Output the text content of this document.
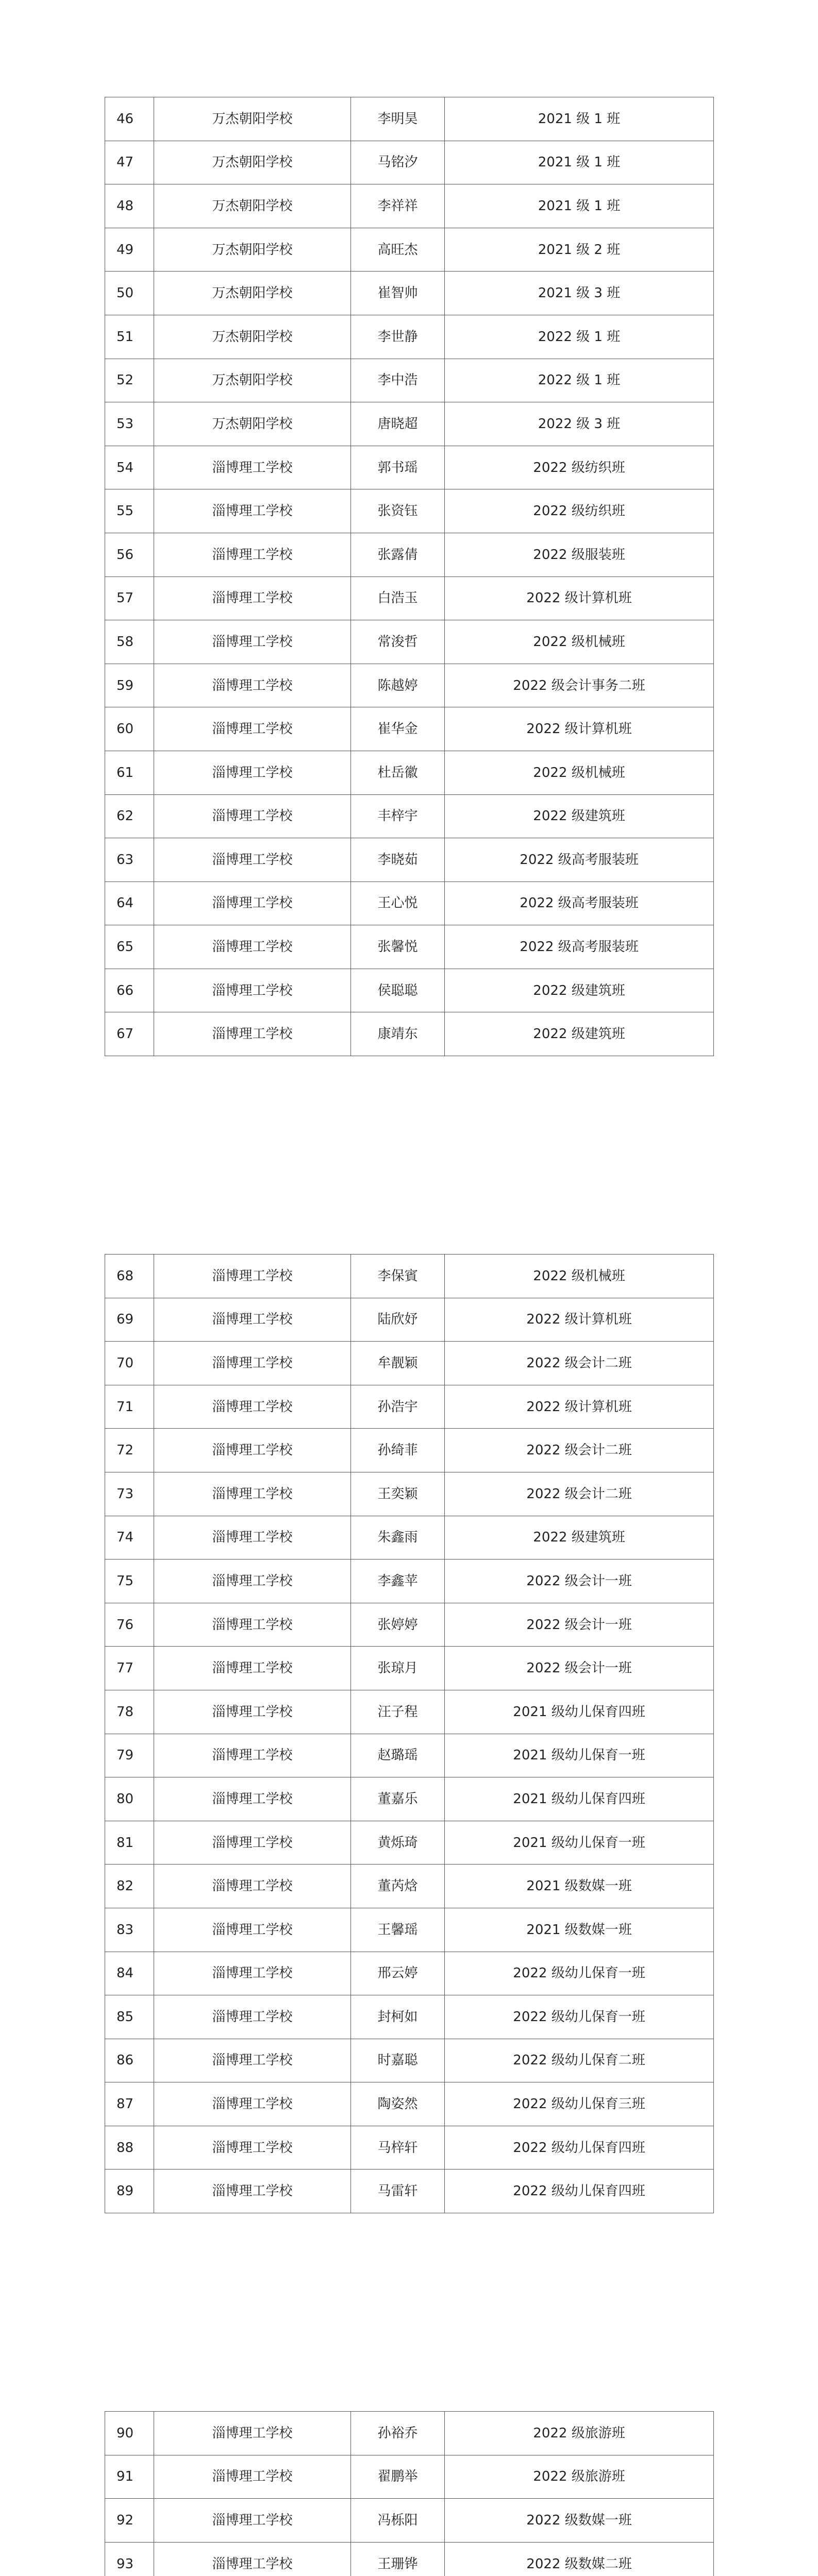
46	万杰朝阳学校	李明昊	2021 级 1 班
47	万杰朝阳学校	马铭汐	2021 级 1 班
48	万杰朝阳学校	李祥祥	2021 级 1 班
49	万杰朝阳学校	高旺杰	2021 级 2 班
50	万杰朝阳学校	崔智帅	2021 级 3 班
51	万杰朝阳学校	李世静	2022 级 1 班
52	万杰朝阳学校	李中浩	2022 级 1 班
53	万杰朝阳学校	唐晓超	2022 级 3 班
54	淄博理工学校	郭书瑶	2022 级纺织班
55	淄博理工学校	张资钰	2022 级纺织班
56	淄博理工学校	张露倩	2022 级服装班
57	淄博理工学校	白浩玉	2022 级计算机班
58	淄博理工学校	常浚哲	2022 级机械班
59	淄博理工学校	陈越婷	2022 级会计事务二班
60	淄博理工学校	崔华金	2022 级计算机班
61	淄博理工学校	杜岳徽	2022 级机械班
62	淄博理工学校	丰梓宇	2022 级建筑班
63	淄博理工学校	李晓茹	2022 级高考服装班
64	淄博理工学校	王心悦	2022 级高考服装班
65	淄博理工学校	张馨悦	2022 级高考服装班
66	淄博理工学校	侯聪聪	2022 级建筑班
67	淄博理工学校	康靖东	2022 级建筑班
68	淄博理工学校	李保賓	2022 级机械班
69	淄博理工学校	陆欣妤	2022 级计算机班
70	淄博理工学校	牟靓颖	2022 级会计二班
71	淄博理工学校	孙浩宇	2022 级计算机班
72	淄博理工学校	孙绮菲	2022 级会计二班
73	淄博理工学校	王奕颖	2022 级会计二班
74	淄博理工学校	朱鑫雨	2022 级建筑班
75	淄博理工学校	李鑫苹	2022 级会计一班
76	淄博理工学校	张婷婷	2022 级会计一班
77	淄博理工学校	张琼月	2022 级会计一班
78	淄博理工学校	汪子程	2021 级幼儿保育四班
79	淄博理工学校	赵璐瑶	2021 级幼儿保育一班
80	淄博理工学校	董嘉乐	2021 级幼儿保育四班
81	淄博理工学校	黄烁琦	2021 级幼儿保育一班
82	淄博理工学校	董芮焓	2021 级数媒一班
83	淄博理工学校	王馨瑶	2021 级数媒一班
84	淄博理工学校	邢云婷	2022 级幼儿保育一班
85	淄博理工学校	封柯如	2022 级幼儿保育一班
86	淄博理工学校	时嘉聪	2022 级幼儿保育二班
87	淄博理工学校	陶姿然	2022 级幼儿保育三班
88	淄博理工学校	马梓轩	2022 级幼儿保育四班
89	淄博理工学校	马雷轩	2022 级幼儿保育四班
90	淄博理工学校	孙裕乔	2022 级旅游班
91	淄博理工学校	翟鹏举	2022 级旅游班
92	淄博理工学校	冯栎阳	2022 级数媒一班
93	淄博理工学校	王珊铧	2022 级数媒二班
